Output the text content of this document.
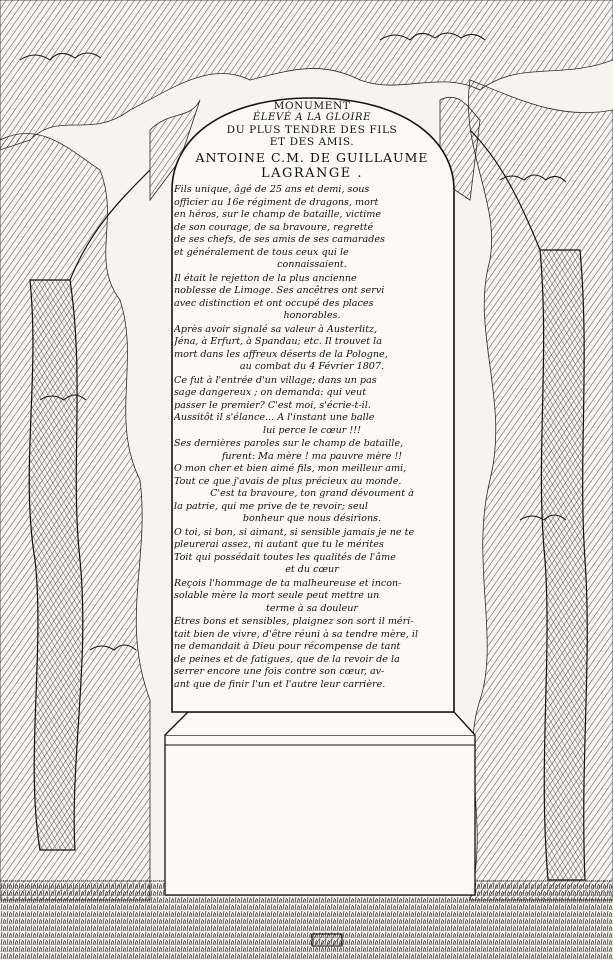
MONUMENT
ÉLEVÉ A LA GLOIRE
DU PLUS TENDRE DES FILS
ET DES AMIS.
ANTOINE C.M. DE GUILLAUME
LAGRANGE .
Fils unique, âgé de 25 ans et demi, sous
officier au 16e régiment de dragons, mort
en héros, sur le champ de bataille, victime
de son courage, de sa bravoure, regretté
de ses chefs, de ses amis de ses camarades
et généralement de tous ceux qui le
connaissaient.
Il était le rejetton de la plus ancienne
noblesse de Limoge. Ses ancêtres ont servi
avec distinction et ont occupé des places
honorables.
Après avoir signalé sa valeur à Austerlitz,
Jéna, à Erfurt, à Spandau; etc. Il trouvet la
mort dans les affreux déserts de la Pologne,
au combat du 4 Février 1807.
Ce fut à l'entrée d'un village; dans un pas
sage dangereux ; on demanda: qui veut
passer le premier? C'est moi, s'écrie-t-il.
Aussitôt il s'élance... A l'instant une balle
lui perce le cœur !!!
Ses dernières paroles sur le champ de bataille,
furent: Ma mère ! ma pauvre mère !!
O mon cher et bien aimé fils, mon meilleur ami,
Tout ce que j'avais de plus précieux au monde.
C'est ta bravoure, ton grand dévoument à
la patrie, qui me prive de te revoir; seul
bonheur que nous désirions.
O toi, si bon, si aimant, si sensible jamais je ne te
pleurerai assez, ni autant que tu le mérites
Toit qui possédait toutes les qualités de l'âme
et du cœur
Reçois l'hommage de ta malheureuse et incon-
solable mère la mort seule peut mettre un
terme à sa douleur
Êtres bons et sensibles, plaignez son sort il méri-
tait bien de vivre, d'être réuni à sa tendre mère, il
ne demandait à Dieu pour récompense de tant
de peines et de fatigues, que de la revoir de la
serrer encore une fois contre son cœur, av-
ant que de finir l'un et l'autre leur carrière.
